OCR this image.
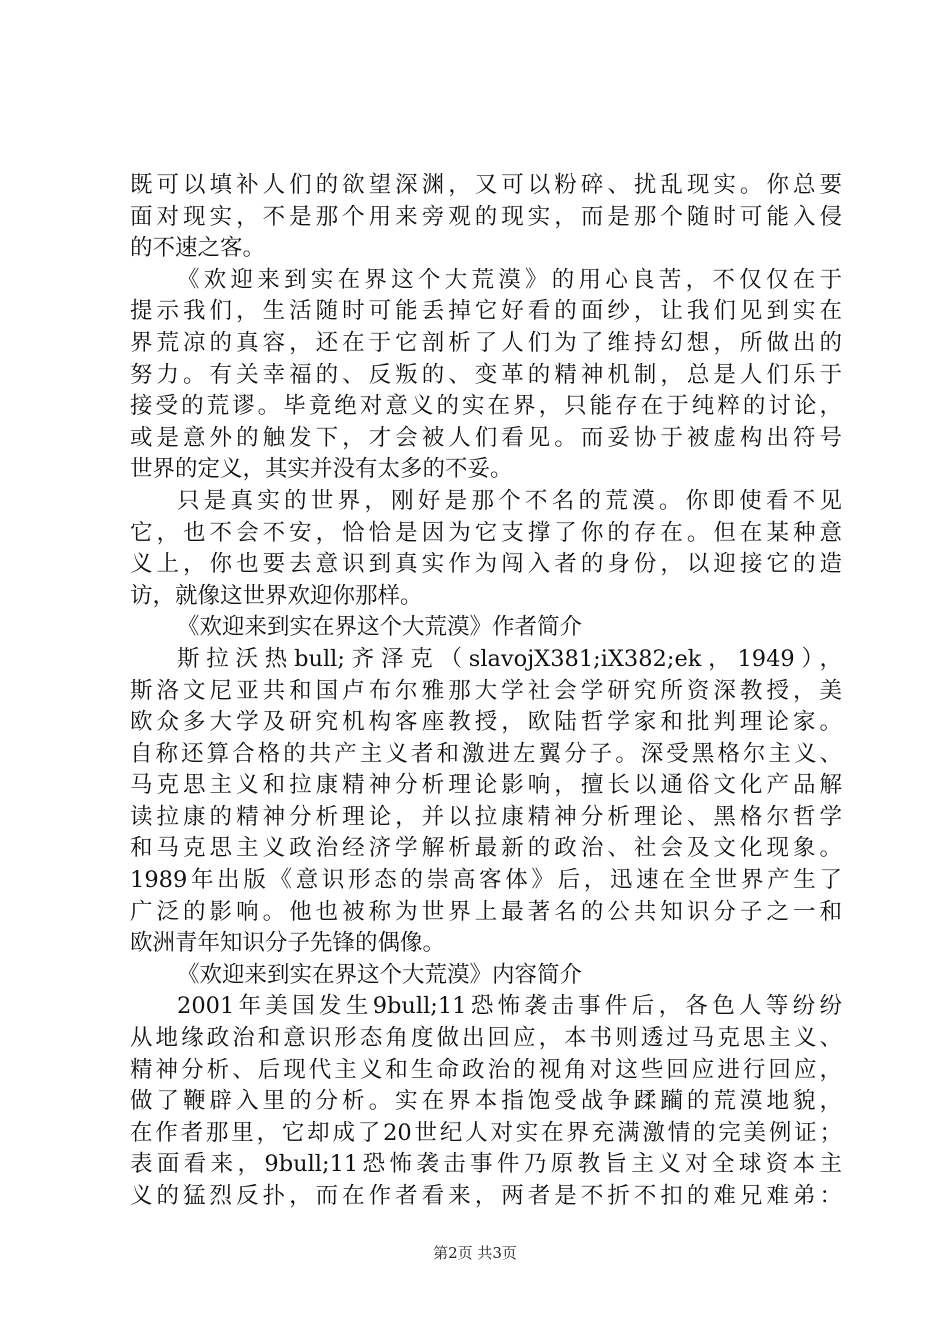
既可以填补人们的欲望深渊，又可以粉碎、扰乱现实。你总要
面对现实，不是那个用来旁观的现实，而是那个随时可能入侵
的不速之客。
《欢迎来到实在界这个大荒漠》的用心良苦，不仅仅在于
提示我们，生活随时可能丢掉它好看的面纱，让我们见到实在
界荒凉的真容，还在于它剖析了人们为了维持幻想，所做出的
努力。有关幸福的、反叛的、变革的精神机制，总是人们乐于
接受的荒谬。毕竟绝对意义的实在界，只能存在于纯粹的讨论，
或是意外的触发下，才会被人们看见。而妥协于被虚构出符号
世界的定义，其实并没有太多的不妥。
只是真实的世界，刚好是那个不名的荒漠。你即使看不见
它，也不会不安，恰恰是因为它支撑了你的存在。但在某种意
义上，你也要去意识到真实作为闯入者的身份，以迎接它的造
访，就像这世界欢迎你那样。
《欢迎来到实在界这个大荒漠》作者简介
斯拉沃热bull;齐泽克（slavojX381;iX382;ek，1949），
斯洛文尼亚共和国卢布尔雅那大学社会学研究所资深教授，美
欧众多大学及研究机构客座教授，欧陆哲学家和批判理论家。
自称还算合格的共产主义者和激进左翼分子。深受黑格尔主义、
马克思主义和拉康精神分析理论影响，擅长以通俗文化产品解
读拉康的精神分析理论，并以拉康精神分析理论、黑格尔哲学
和马克思主义政治经济学解析最新的政治、社会及文化现象。
1989年出版《意识形态的崇高客体》后，迅速在全世界产生了
广泛的影响。他也被称为世界上最著名的公共知识分子之一和
欧洲青年知识分子先锋的偶像。
《欢迎来到实在界这个大荒漠》内容简介
2001年美国发生9bull;11恐怖袭击事件后，各色人等纷纷
从地缘政治和意识形态角度做出回应，本书则透过马克思主义、
精神分析、后现代主义和生命政治的视角对这些回应进行回应，
做了鞭辟入里的分析。实在界本指饱受战争蹂躏的荒漠地貌，
在作者那里，它却成了20世纪人对实在界充满激情的完美例证；
表面看来，9bull;11恐怖袭击事件乃原教旨主义对全球资本主
义的猛烈反扑，而在作者看来，两者是不折不扣的难兄难弟：
第2页 共3页
